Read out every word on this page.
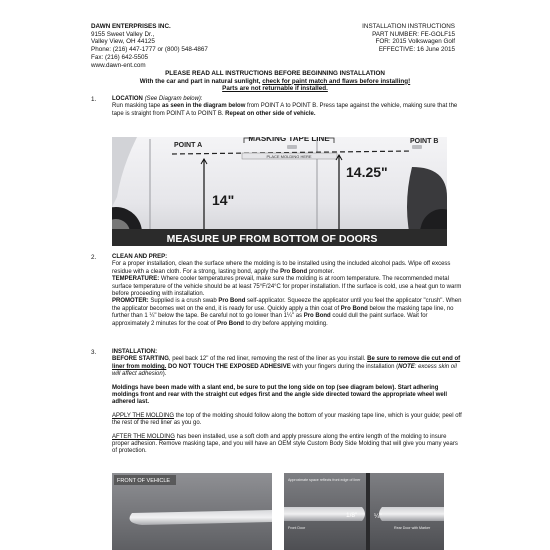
DAWN ENTERPRISES INC.
9155 Sweet Valley Dr.,
Valley View, OH 44125
Phone: (216) 447-1777 or (800) 548-4867
Fax: (216) 642-5505
www.dawn-ent.com
INSTALLATION INSTRUCTIONS
PART NUMBER: FE-GOLF15
FOR: 2015 Volkswagen Golf
EFFECTIVE: 16 June 2015
PLEASE READ ALL INSTRUCTIONS BEFORE BEGINNING INSTALLATION
With the car and part in natural sunlight, check for paint match and flaws before installing!
Parts are not returnable if installed.
1.	LOCATION (See Diagram below):

Run masking tape as seen in the diagram below from POINT A to POINT B. Press tape against the vehicle, making sure that the tape is straight from POINT A to POINT B. Repeat on other side of vehicle.

PLACE MOLDING HERE
MASKING TAPE LINE
POINT A
POINT B
14"
14.25"
MEASURE UP FROM BOTTOM OF DOORS
2.	CLEAN AND PREP:

For a proper installation, clean the surface where the molding is to be installed using the included alcohol pads. Wipe off excess residue with a clean cloth. For a strong, lasting bond, apply the Pro Bond promoter.

TEMPERATURE: Where cooler temperatures prevail, make sure the molding is at room temperature. The recommended metal surface temperature of the vehicle should be at least 75°F/24°C for proper installation. If the surface is cold, use a heat gun to warm before proceeding with installation.

PROMOTER: Supplied is a crush swab Pro Bond self-applicator. Squeeze the applicator until you feel the applicator "crush". When the applicator becomes wet on the end, it is ready for use. Quickly apply a thin coat of Pro Bond below the masking tape line, no further than 1 ¼" below the tape. Be careful not to go lower than 1¼" as Pro Bond could dull the paint surface. Wait for approximately 2 minutes for the coat of Pro Bond to dry before applying molding.

3.	INSTALLATION:

BEFORE STARTING, peel back 12" of the red liner, removing the rest of the liner as you install. Be sure to remove die cut end of liner from molding. DO NOT TOUCH THE EXPOSED ADHESIVE with your fingers during the installation (NOTE: excess skin oil will affect adhesion).

Moldings have been made with a slant end, be sure to put the long side on top (see diagram below). Start adhering moldings front and rear with the straight cut edges first and the angle side directed toward the appropriate wheel well adhered last.

APPLY THE MOLDING the top of the molding should follow along the bottom of your masking tape line, which is your guide; peel off the rest of the red liner as you go.

AFTER THE MOLDING has been installed, use a soft cloth and apply pressure along the entire length of the molding to insure proper adhesion. Remove masking tape, and you will have an OEM style Custom Body Side Molding that will give you many years of protection.

FRONT OF VEHICLE	Approximate space reflects front edge of liner
1/8"	¼"
Front Door	Rear Door with Marker
